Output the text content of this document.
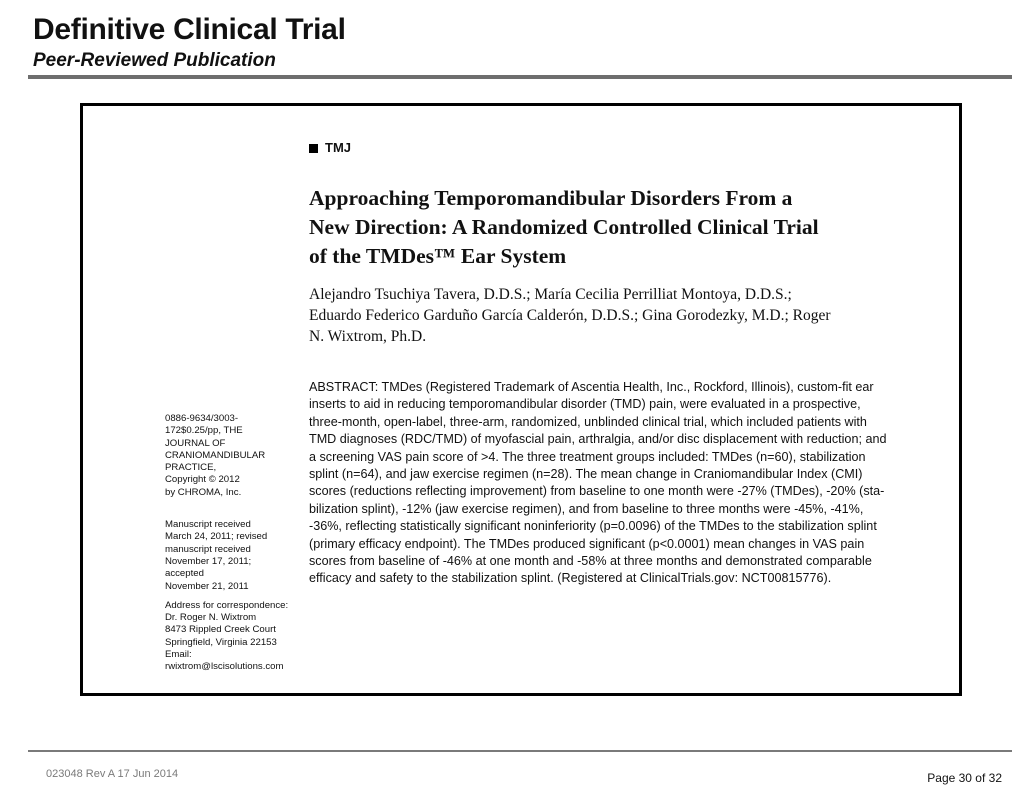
Definitive Clinical Trial
Peer-Reviewed Publication
TMJ
Approaching Temporomandibular Disorders From a
New Direction: A Randomized Controlled Clinical Trial
of the TMDes™ Ear System
Alejandro Tsuchiya Tavera, D.D.S.; María Cecilia Perrilliat Montoya, D.D.S.;
Eduardo Federico Garduño García Calderón, D.D.S.; Gina Gorodezky, M.D.; Roger
N. Wixtrom, Ph.D.
ABSTRACT: TMDes (Registered Trademark of Ascentia Health, Inc., Rockford, Illinois), custom-fit ear
inserts to aid in reducing temporomandibular disorder (TMD) pain, were evaluated in a prospective,
three-month, open-label, three-arm, randomized, unblinded clinical trial, which included patients with
TMD diagnoses (RDC/TMD) of myofascial pain, arthralgia, and/or disc displacement with reduction; and
a screening VAS pain score of >4. The three treatment groups included: TMDes (n=60), stabilization
splint (n=64), and jaw exercise regimen (n=28). The mean change in Craniomandibular Index (CMI)
scores (reductions reflecting improvement) from baseline to one month were -27% (TMDes), -20% (sta-
bilization splint), -12% (jaw exercise regimen), and from baseline to three months were -45%, -41%,
-36%, reflecting statistically significant noninferiority (p=0.0096) of the TMDes to the stabilization splint
(primary efficacy endpoint). The TMDes produced significant (p<0.0001) mean changes in VAS pain
scores from baseline of -46% at one month and -58% at three months and demonstrated comparable
efficacy and safety to the stabilization splint. (Registered at ClinicalTrials.gov: NCT00815776).
0886-9634/3003-
172$0.25/pp, THE
JOURNAL OF
CRANIOMANDIBULAR
PRACTICE,
Copyright © 2012
by CHROMA, Inc.
Manuscript received
March 24, 2011; revised
manuscript received
November 17, 2011;
accepted
November 21, 2011
Address for correspondence:
Dr. Roger N. Wixtrom
8473 Rippled Creek Court
Springfield, Virginia 22153
Email:
rwixtrom@lscisolutions.com
023048 Rev A 17 Jun 2014	Page 30 of 32
